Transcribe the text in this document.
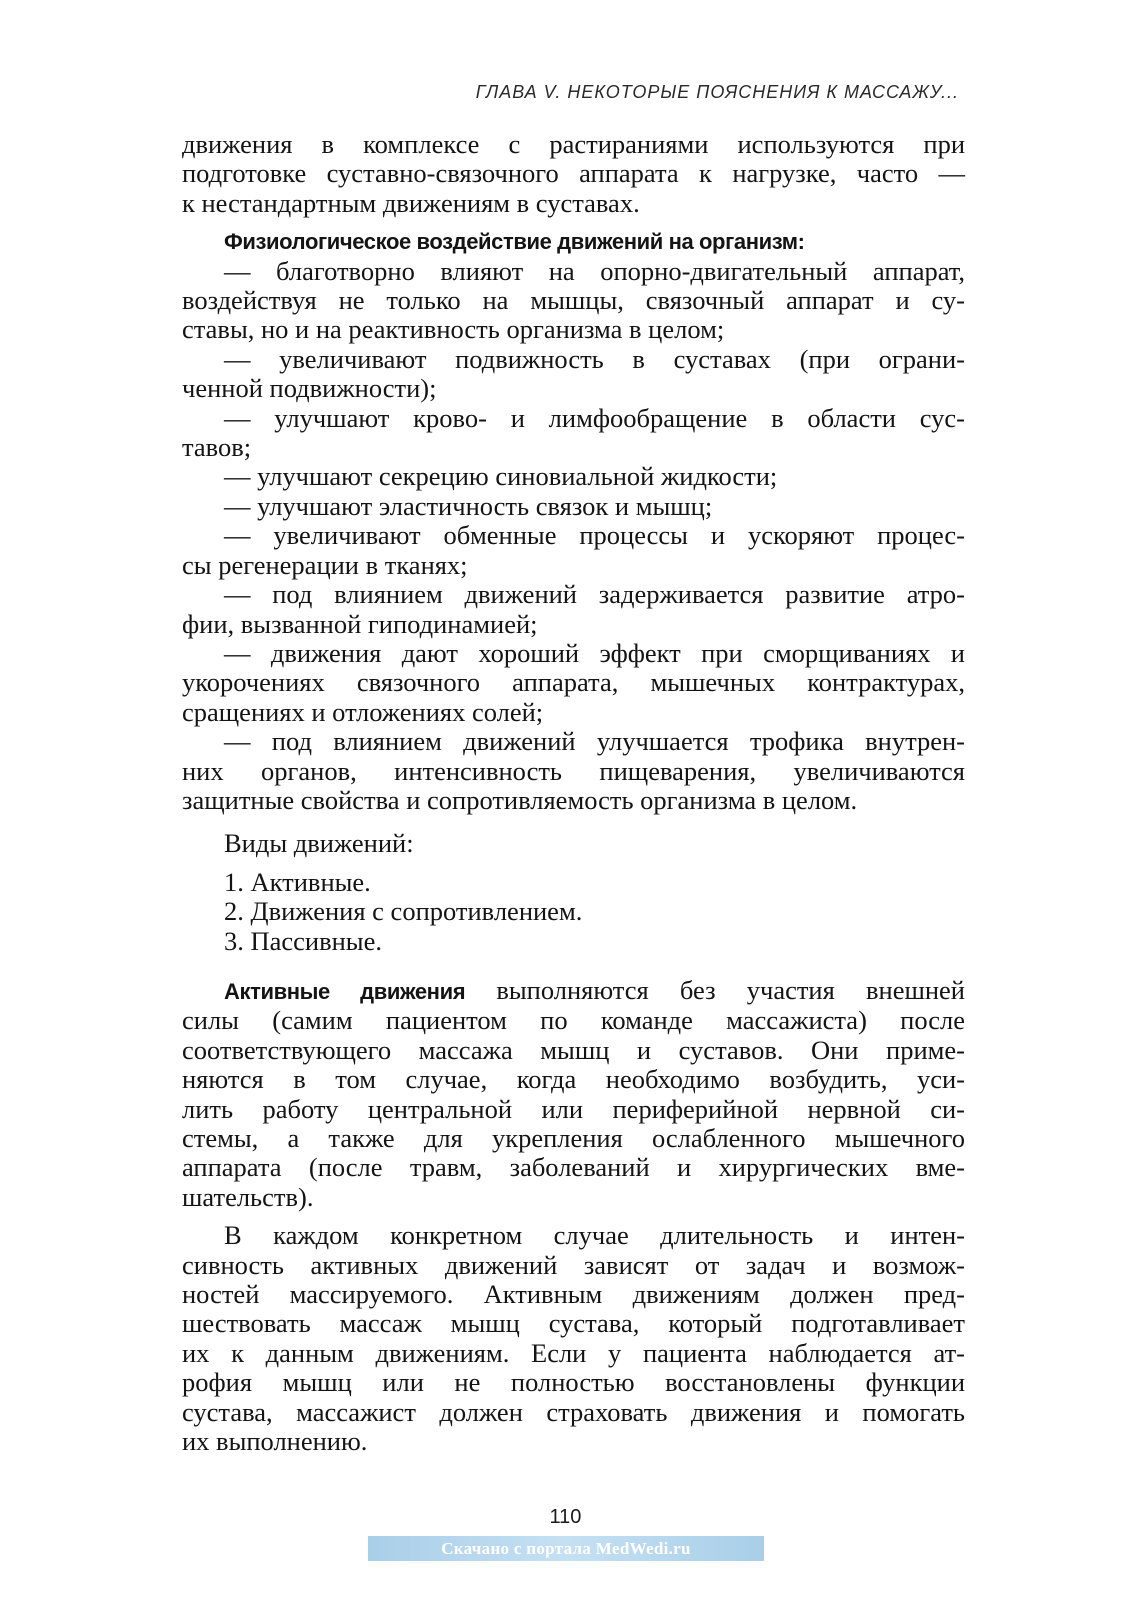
ГЛАВА V. НЕКОТОРЫЕ ПОЯСНЕНИЯ К МАССАЖУ...

движения в комплексе с растираниями используются при

подготовке суставно-связочного аппарата к нагрузке, часто —

к нестандартным движениям в суставах.

Физиологическое воздействие движений на организм:

— благотворно влияют на опорно-двигательный аппарат,

воздействуя не только на мышцы, связочный аппарат и су-

ставы, но и на реактивность организма в целом;

— увеличивают подвижность в суставах (при ограни-

ченной подвижности);

— улучшают крово- и лимфообращение в области сус-

тавов;

— улучшают секрецию синовиальной жидкости;

— улучшают эластичность связок и мышц;

— увеличивают обменные процессы и ускоряют процес-

сы регенерации в тканях;

— под влиянием движений задерживается развитие атро-

фии, вызванной гиподинамией;

— движения дают хороший эффект при сморщиваниях и

укорочениях связочного аппарата, мышечных контрактурах,

сращениях и отложениях солей;

— под влиянием движений улучшается трофика внутрен-

них органов, интенсивность пищеварения, увеличиваются

защитные свойства и сопротивляемость организма в целом.

Виды движений:

1. Активные.

2. Движения с сопротивлением.

3. Пассивные.

Активные движения выполняются без участия внешней

силы (самим пациентом по команде массажиста) после

соответствующего массажа мышц и суставов. Они приме-

няются в том случае, когда необходимо возбудить, уси-

лить работу центральной или периферийной нервной си-

стемы, а также для укрепления ослабленного мышечного

аппарата (после травм, заболеваний и хирургических вме-

шательств).

В каждом конкретном случае длительность и интен-

сивность активных движений зависят от задач и возмож-

ностей массируемого. Активным движениям должен пред-

шествовать массаж мышц сустава, который подготавливает

их к данным движениям. Если у пациента наблюдается ат-

рофия мышц или не полностью восстановлены функции

сустава, массажист должен страховать движения и помогать

их выполнению.

110
Скачано с портала MedWedi.ru
